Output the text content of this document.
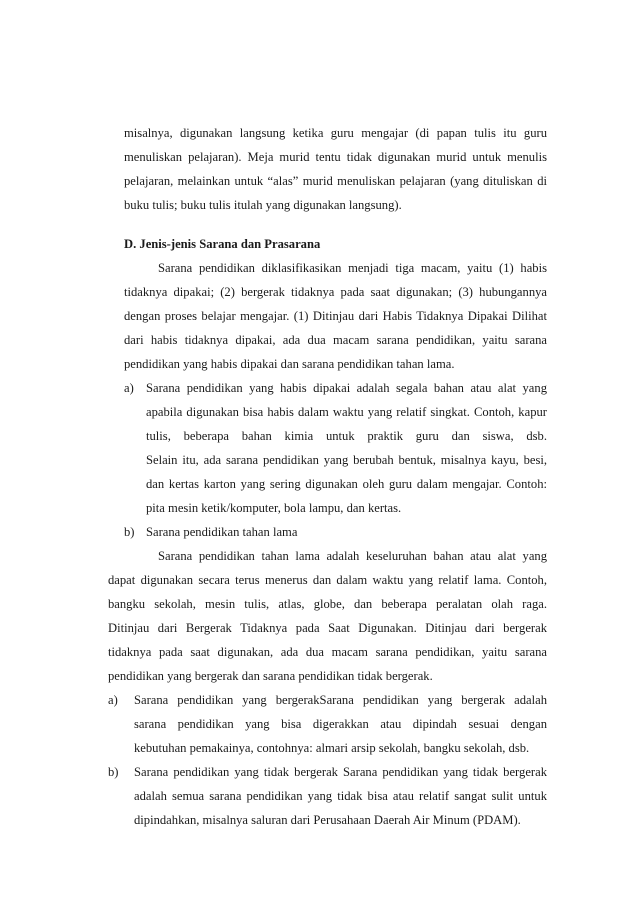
misalnya, digunakan langsung ketika guru mengajar (di papan tulis itu guru

menuliskan pelajaran). Meja murid tentu tidak digunakan murid untuk menulis

pelajaran, melainkan untuk “alas” murid menuliskan pelajaran (yang dituliskan di

buku tulis; buku tulis itulah yang digunakan langsung).

D. Jenis-jenis Sarana dan Prasarana

Sarana pendidikan diklasifikasikan menjadi tiga macam, yaitu (1) habis

tidaknya dipakai; (2) bergerak tidaknya pada saat digunakan; (3) hubungannya

dengan proses belajar mengajar. (1) Ditinjau dari Habis Tidaknya Dipakai Dilihat

dari habis tidaknya dipakai, ada dua macam sarana pendidikan, yaitu sarana

pendidikan yang habis dipakai dan sarana pendidikan tahan lama.

a) Sarana pendidikan yang habis dipakai adalah segala bahan atau alat yang

apabila digunakan bisa habis dalam waktu yang relatif singkat. Contoh, kapur

tulis, beberapa bahan kimia untuk praktik guru dan siswa, dsb.

Selain itu, ada sarana pendidikan yang berubah bentuk, misalnya kayu, besi,

dan kertas karton yang sering digunakan oleh guru dalam mengajar. Contoh:

pita mesin ketik/komputer, bola lampu, dan kertas.

b) Sarana pendidikan tahan lama

Sarana pendidikan tahan lama adalah keseluruhan bahan atau alat yang

dapat digunakan secara terus menerus dan dalam waktu yang relatif lama. Contoh,

bangku sekolah, mesin tulis, atlas, globe, dan beberapa peralatan olah raga.

Ditinjau dari Bergerak Tidaknya pada Saat Digunakan. Ditinjau dari bergerak

tidaknya pada saat digunakan, ada dua macam sarana pendidikan, yaitu sarana

pendidikan yang bergerak dan sarana pendidikan tidak bergerak.

a) Sarana pendidikan yang bergerakSarana pendidikan yang bergerak adalah

sarana pendidikan yang bisa digerakkan atau dipindah sesuai dengan

kebutuhan pemakainya, contohnya: almari arsip sekolah, bangku sekolah, dsb.

b) Sarana pendidikan yang tidak bergerak Sarana pendidikan yang tidak bergerak

adalah semua sarana pendidikan yang tidak bisa atau relatif sangat sulit untuk

dipindahkan, misalnya saluran dari Perusahaan Daerah Air Minum (PDAM).
